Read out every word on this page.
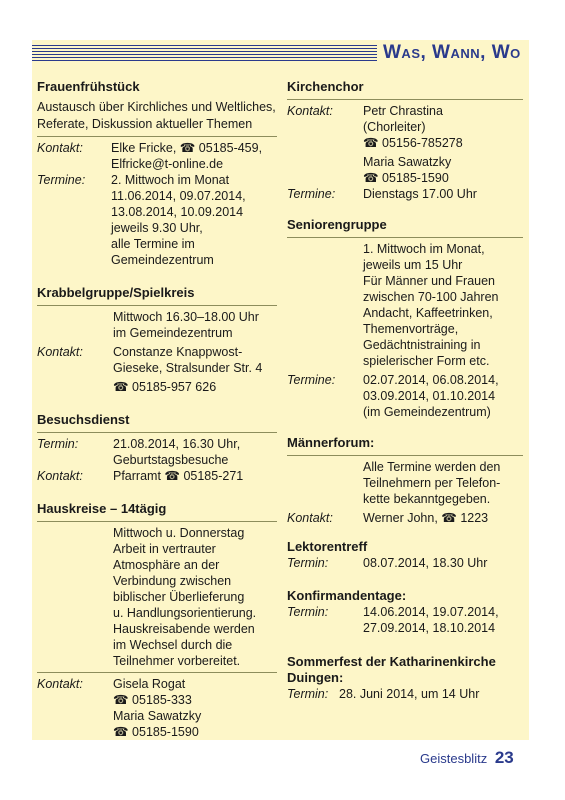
Was, Wann, Wo
Frauenfrühstück
Austausch über Kirchliches und Weltliches,
Referate, Diskussion aktueller Themen
Kontakt:	Elke Fricke, ☎ 05185-459,
Elfricke@t-online.de
Termine:	2. Mittwoch im Monat
11.06.2014, 09.07.2014,
13.08.2014, 10.09.2014
jeweils 9.30 Uhr,
alle Termine im
Gemeindezentrum
Krabbelgruppe/Spielkreis
Mittwoch 16.30–18.00 Uhr
im Gemeindezentrum
Kontakt:	Constanze Knappwost-
Gieseke, Stralsunder Str. 4
☎ 05185-957 626
Besuchsdienst
Termin:	21.08.2014, 16.30 Uhr,
Geburtstagsbesuche
Kontakt:	Pfarramt ☎ 05185-271
Hauskreise – 14tägig
Mittwoch u. Donnerstag
Arbeit in vertrauter
Atmosphäre an der
Verbindung zwischen
biblischer Überlieferung
u. Handlungsorientierung.
Hauskreisabende werden
im Wechsel durch die
Teilnehmer vorbereitet.
Kontakt:	Gisela Rogat
☎ 05185-333
Maria Sawatzky
☎ 05185-1590
Kirchenchor
Kontakt:	Petr Chrastina
(Chorleiter)
☎ 05156-785278
Maria Sawatzky
☎ 05185-1590
Termine:	Dienstags 17.00 Uhr
Seniorengruppe
1. Mittwoch im Monat,
jeweils um 15 Uhr
Für Männer und Frauen
zwischen 70-100 Jahren
Andacht, Kaffeetrinken,
Themenvorträge,
Gedächtnistraining in
spielerischer Form etc.
Termine:	02.07.2014, 06.08.2014,
03.09.2014, 01.10.2014
(im Gemeindezentrum)
Männerforum:
Alle Termine werden den
Teilnehmern per Telefon-
kette bekanntgegeben.
Kontakt:	Werner John, ☎ 1223
Lektorentreff
Termin:	08.07.2014, 18.30 Uhr
Konfirmandentage:
Termin:	14.06.2014, 19.07.2014,
27.09.2014, 18.10.2014
Sommerfest der Katharinenkirche
Duingen:
Termin: 28. Juni 2014, um 14 Uhr
Geistesblitz 23
